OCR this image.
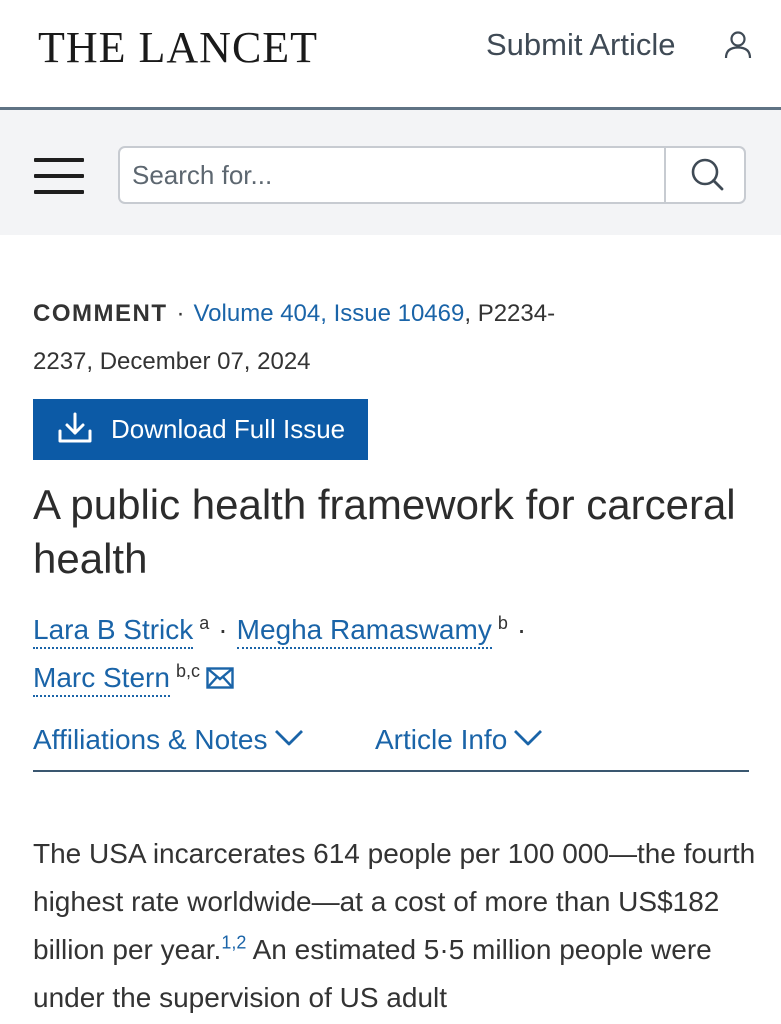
THE LANCET	Submit Article
Search for...
COMMENT · Volume 404, Issue 10469, P2234-
2237, December 07, 2024
Download Full Issue
A public health framework for carceral health
Lara B Strick $^a$ · Megha Ramaswamy $^b$ ·
Marc Stern $^{b,c}$
Affiliations & Notes	Article Info

The USA incarcerates 614 people per 100 000—the fourth highest rate worldwide—at a cost of more than US$182 billion per year.$^{1,2}$ An estimated 5·5 million people were under the supervision of US adult
